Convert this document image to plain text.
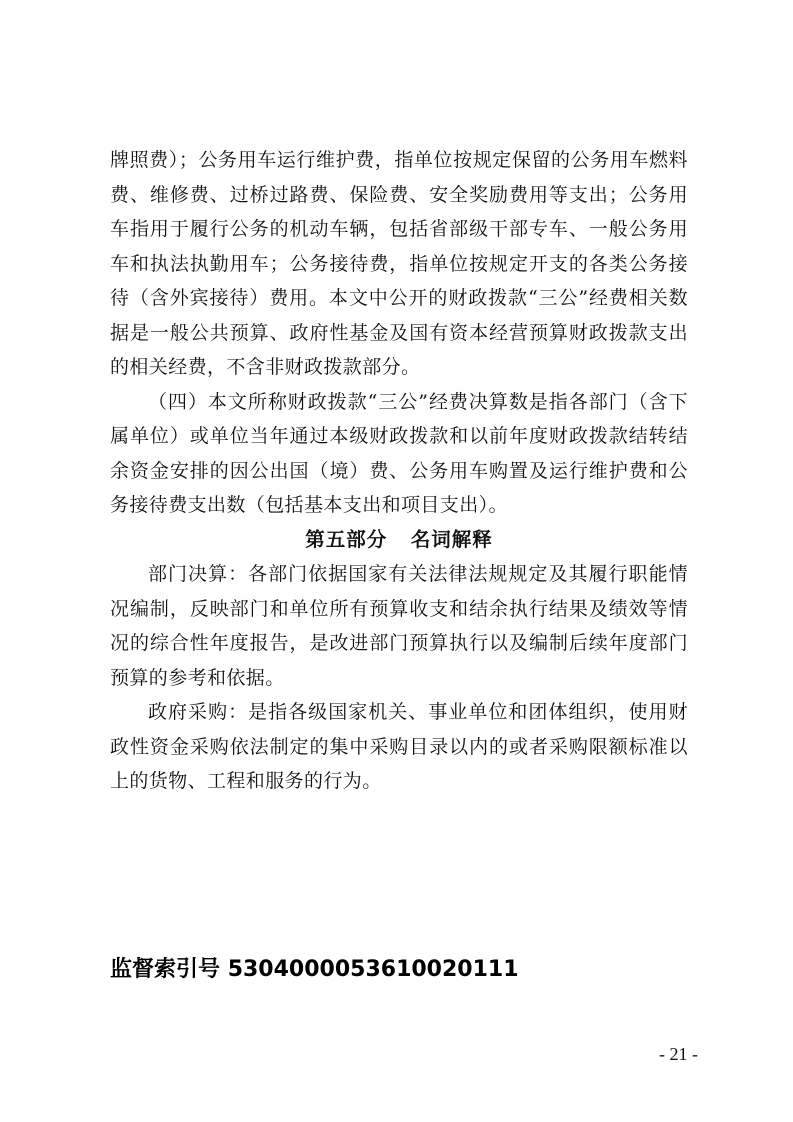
牌照费）；公务用车运行维护费，指单位按规定保留的公务用车燃料费、维修费、过桥过路费、保险费、安全奖励费用等支出；公务用车指用于履行公务的机动车辆，包括省部级干部专车、一般公务用车和执法执勤用车；公务接待费，指单位按规定开支的各类公务接待（含外宾接待）费用。本文中公开的财政拨款“三公”经费相关数据是一般公共预算、政府性基金及国有资本经营预算财政拨款支出的相关经费，不含非财政拨款部分。

（四）本文所称财政拨款“三公”经费决算数是指各部门（含下属单位）或单位当年通过本级财政拨款和以前年度财政拨款结转结余资金安排的因公出国（境）费、公务用车购置及运行维护费和公务接待费支出数（包括基本支出和项目支出）。

第五部分 名词解释

部门决算：各部门依据国家有关法律法规规定及其履行职能情况编制，反映部门和单位所有预算收支和结余执行结果及绩效等情况的综合性年度报告，是改进部门预算执行以及编制后续年度部门预算的参考和依据。

政府采购：是指各级国家机关、事业单位和团体组织，使用财政性资金采购依法制定的集中采购目录以内的或者采购限额标准以上的货物、工程和服务的行为。

监督索引号 5304000053610020111
- 21 -
